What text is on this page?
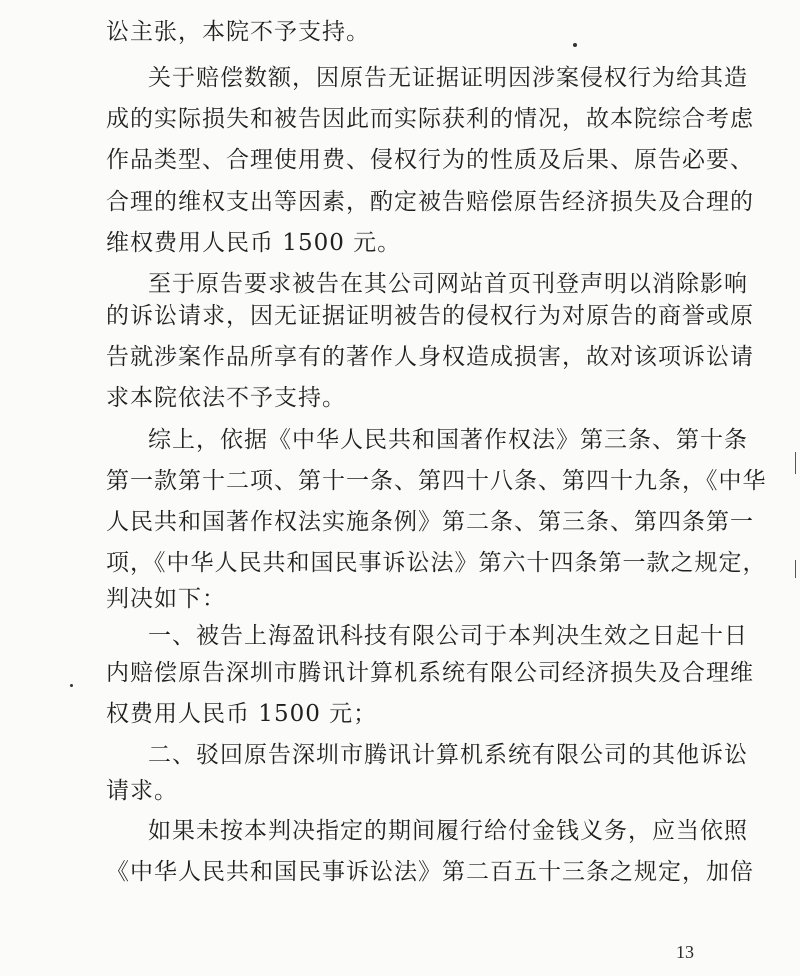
讼主张，本院不予支持。
关于赔偿数额，因原告无证据证明因涉案侵权行为给其造
成的实际损失和被告因此而实际获利的情况，故本院综合考虑
作品类型、合理使用费、侵权行为的性质及后果、原告必要、
合理的维权支出等因素，酌定被告赔偿原告经济损失及合理的
维权费用人民币 1500 元。
至于原告要求被告在其公司网站首页刊登声明以消除影响
的诉讼请求，因无证据证明被告的侵权行为对原告的商誉或原
告就涉案作品所享有的著作人身权造成损害，故对该项诉讼请
求本院依法不予支持。
综上，依据《中华人民共和国著作权法》第三条、第十条
第一款第十二项、第十一条、第四十八条、第四十九条，《中华
人民共和国著作权法实施条例》第二条、第三条、第四条第一
项，《中华人民共和国民事诉讼法》第六十四条第一款之规定，
判决如下：
一、被告上海盈讯科技有限公司于本判决生效之日起十日
内赔偿原告深圳市腾讯计算机系统有限公司经济损失及合理维
权费用人民币 1500 元；
二、驳回原告深圳市腾讯计算机系统有限公司的其他诉讼
请求。
如果未按本判决指定的期间履行给付金钱义务，应当依照
《中华人民共和国民事诉讼法》第二百五十三条之规定，加倍
13
